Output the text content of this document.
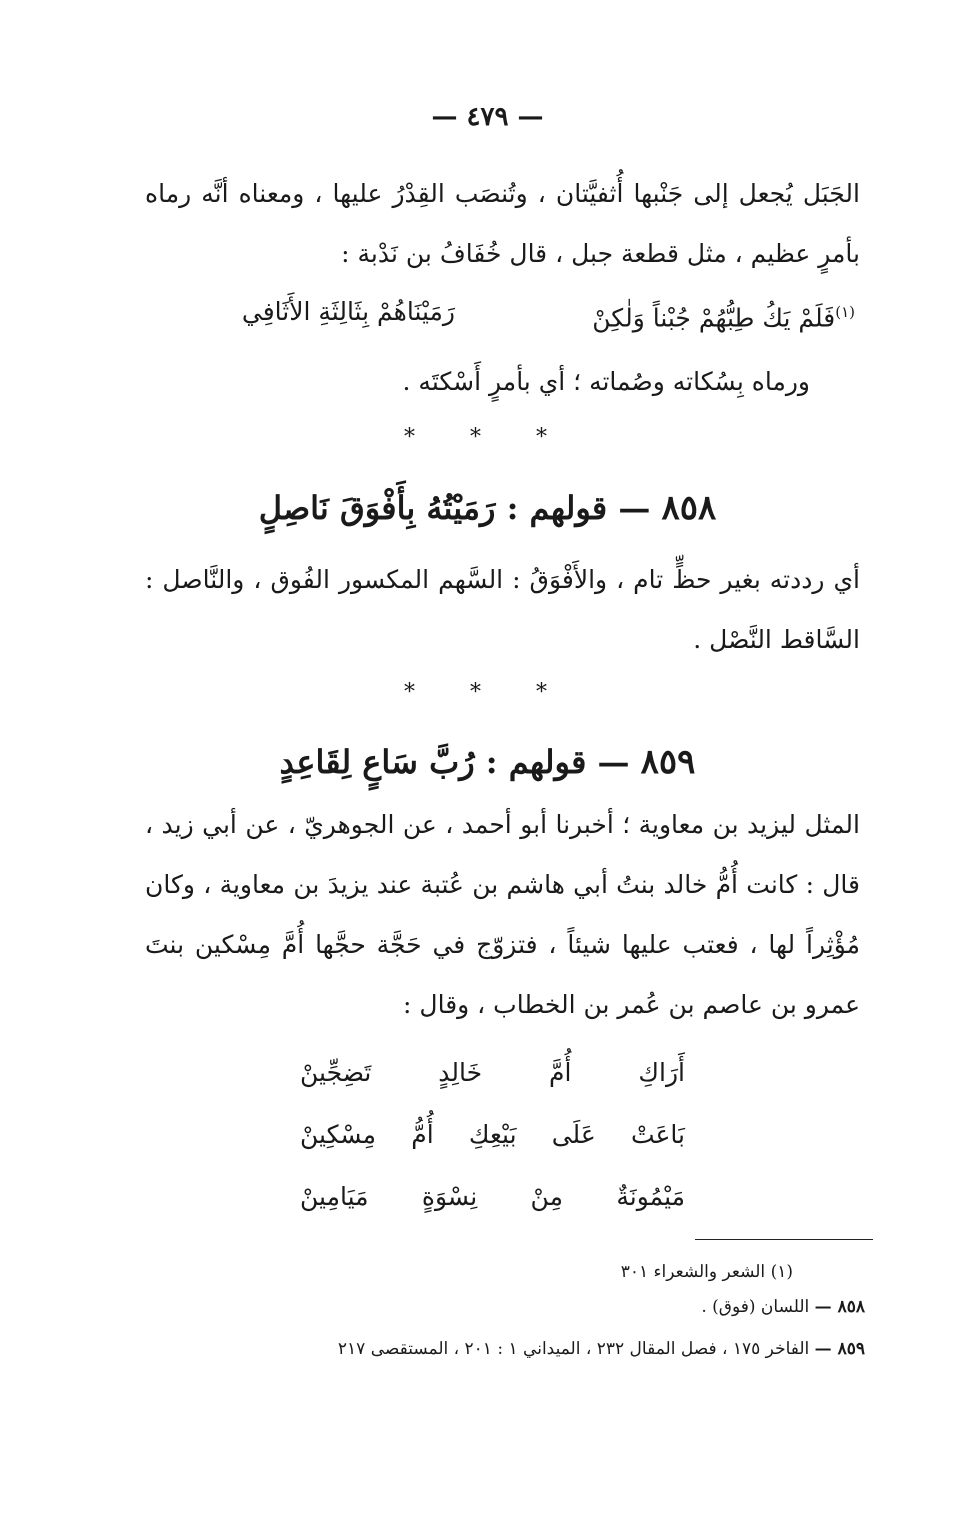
— ٤٧٩ —
الجَبَل يُجعل إلى جَنْبها أُثفيَّتان ، وتُنصَب القِدْرُ عليها ، ومعناه أنَّه رماه بأمرٍ عظيم ، مثل قطعة جبل ، قال خُفَافُ بن نَدْبة :
$^{(١)}$فَلَمْ يَكُ طِبُّهُمْ جُبْناً وَلٰكِنْ
رَمَيْنَاهُمْ بِثَالِثَةِ الأَثَافِي
ورماه بِسُكاته وصُماته ؛ أي بأمرٍ أَسْكتَه .
* * *
٨٥٨ — قولهم : رَمَيْتُهُ بِأَفْوَقَ نَاصِلٍ
أي رددته بغير حظٍّ تام ، والأَفْوَقُ : السَّهم المكسور الفُوق ، والنَّاصل : السَّاقط النَّصْل .
* * *
٨٥٩ — قولهم : رُبَّ سَاعٍ لِقَاعِدٍ
المثل ليزيد بن معاوية ؛ أخبرنا أبو أحمد ، عن الجوهريّ ، عن أبي زيد ، قال : كانت أُمُّ خالد بنتُ أبي هاشم بن عُتبة عند يزيدَ بن معاوية ، وكان مُؤْثِراً لها ، فعتب عليها شيئاً ، فتزوّج في حَجَّة حجَّها أُمَّ مِسْكين بنتَ عمرو بن عاصم بن عُمر بن الخطاب ، وقال :
أَرَاكِ أُمَّ خَالِدٍ تَضِجِّينْ
بَاعَتْ عَلَى بَيْعِكِ أُمُّ مِسْكِينْ
مَيْمُونَةٌ مِنْ نِسْوَةٍ مَيَامِينْ
(١) الشعر والشعراء ٣٠١
٨٥٨ — اللسان (فوق) .
٨٥٩ — الفاخر ١٧٥ ، فصل المقال ٢٣٢ ، الميداني ١ : ٢٠١ ، المستقصى ٢١٧
